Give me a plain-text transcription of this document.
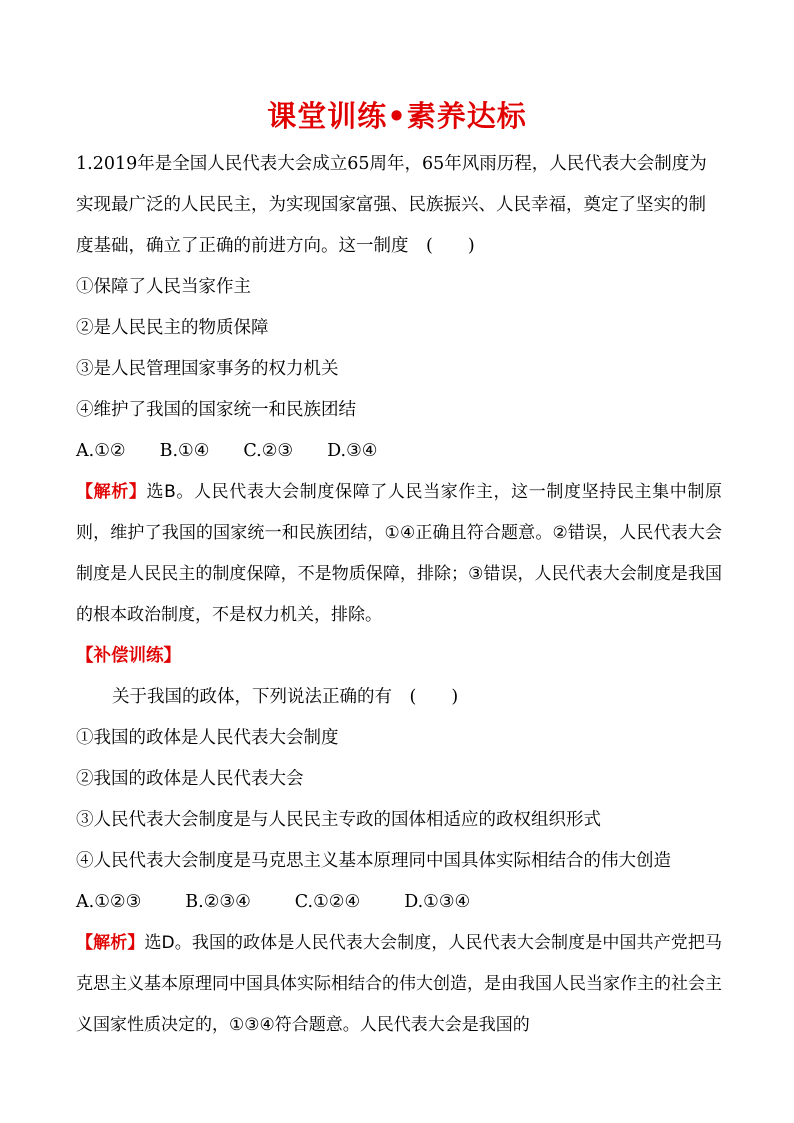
课堂训练•素养达标

1.2019年是全国人民代表大会成立65周年，65年风雨历程，人民代表大会制度为实现最广泛的人民民主，为实现国家富强、民族振兴、人民幸福，奠定了坚实的制度基础，确立了正确的前进方向。这一制度　(　　)

①保障了人民当家作主

②是人民民主的物质保障

③是人民管理国家事务的权力机关

④维护了我国的国家统一和民族团结

A.①② B.①④ C.②③ D.③④

【解析】选B。人民代表大会制度保障了人民当家作主，这一制度坚持民主集中制原则，维护了我国的国家统一和民族团结，①④正确且符合题意。②错误，人民代表大会制度是人民民主的制度保障，不是物质保障，排除；③错误，人民代表大会制度是我国的根本政治制度，不是权力机关，排除。

【补偿训练】

关于我国的政体，下列说法正确的有　(　　)

①我国的政体是人民代表大会制度

②我国的政体是人民代表大会

③人民代表大会制度是与人民民主专政的国体相适应的政权组织形式

④人民代表大会制度是马克思主义基本原理同中国具体实际相结合的伟大创造

A.①②③	B.②③④	C.①②④	D.①③④

【解析】选D。我国的政体是人民代表大会制度，人民代表大会制度是中国共产党把马克思主义基本原理同中国具体实际相结合的伟大创造，是由我国人民当家作主的社会主义国家性质决定的，①③④符合题意。人民代表大会是我国的
